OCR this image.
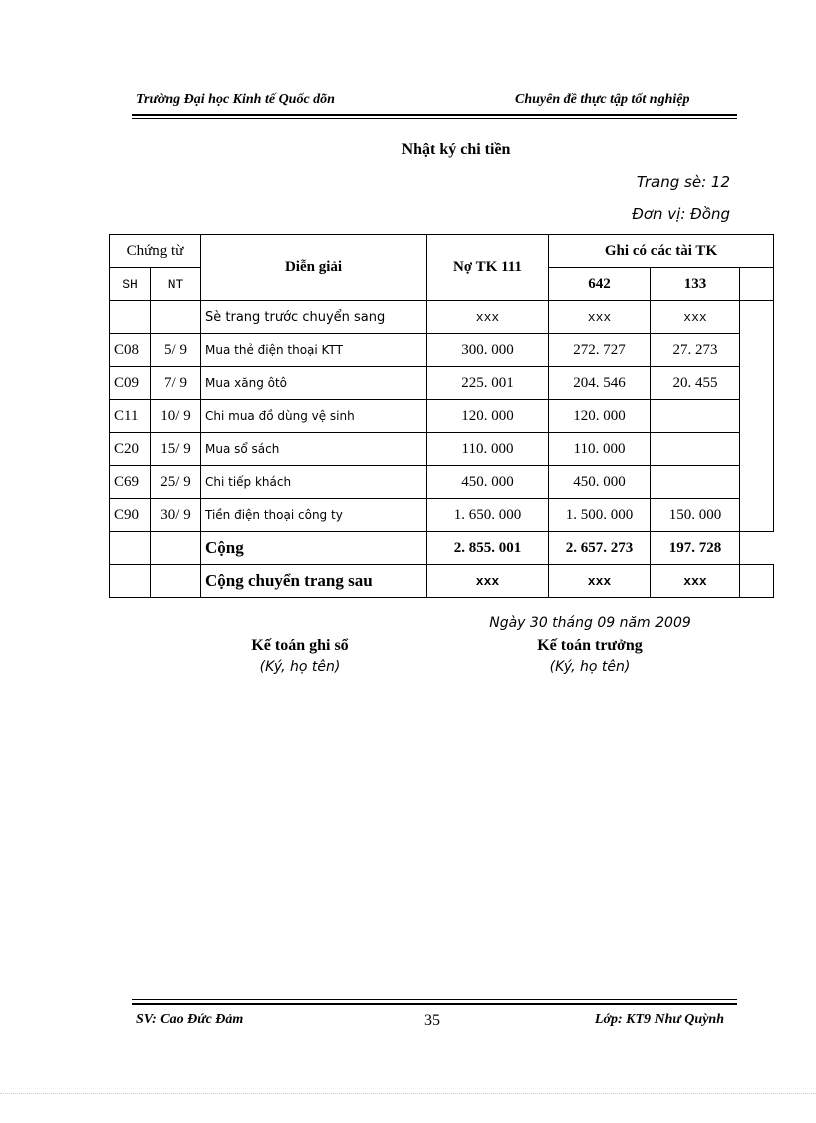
Trường Đại học Kinh tế Quốc dõn	Chuyên đề thực tập tốt nghiệp
Nhật ký chi tiền
Trang sè: 12
Đơn vị: Đồng
Chứng từ		Diễn giải	Nợ TK 111	Ghi có các tài TK		
SH	NT			642	133	
		Sè trang trước chuyển sang	xxx	xxx	xxx	
C08	5/ 9	Mua thẻ điện thoại KTT	300. 000	272. 727	27. 273	
C09	7/ 9	Mua xăng ôtô	225. 001	204. 546	20. 455	
C11	10/ 9	Chi mua đồ dùng vệ sinh	120. 000	120. 000		
C20	15/ 9	Mua sổ sách	110. 000	110. 000		
C69	25/ 9	Chi tiếp khách	450. 000	450. 000		
C90	30/ 9	Tiền điện thoại công ty	1. 650. 000	1. 500. 000	150. 000	
		Cộng	2. 855. 001	2. 657. 273	197. 728	
		Cộng chuyển trang sau	xxx	xxx	xxx	
Ngày 30 tháng 09 năm 2009
Kế toán ghi sổ
(Ký, họ tên)
Kế toán trưởng
(Ký, họ tên)
SV: Cao Đức Đảm	35	Lớp: KT9 Như Quỳnh
